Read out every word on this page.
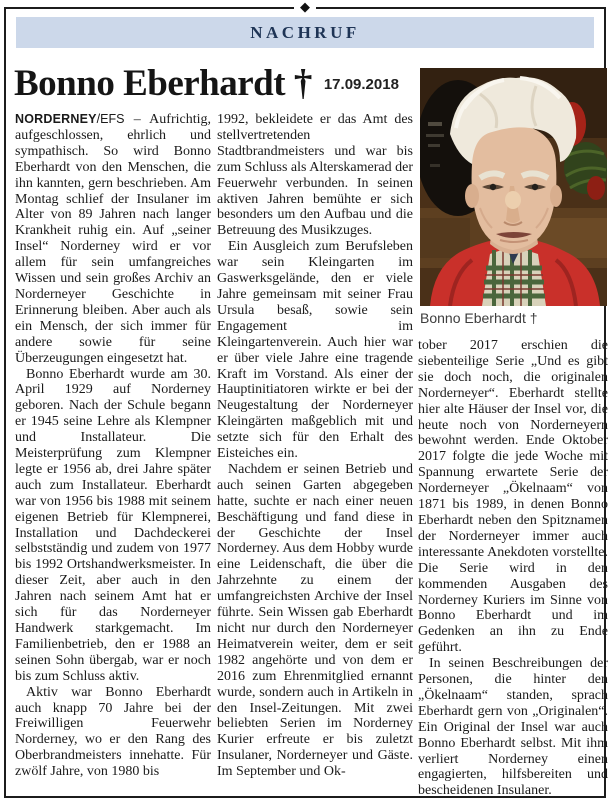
◆
NACHRUF
Bonno Eberhardt † 17.09.2018
Bonno Eberhardt †

NORDERNEY/EFS – Aufrichtig, aufgeschlossen, ehrlich und sympathisch. So wird Bonno Eberhardt von den Menschen, die ihn kannten, gern beschrieben. Am Montag schlief der Insulaner im Alter von 89 Jahren nach langer Krankheit ruhig ein. Auf „seiner Insel“ Norderney wird er vor allem für sein umfangreiches Wissen und sein großes Archiv an Norderneyer Geschichte in Erinnerung bleiben. Aber auch als ein Mensch, der sich immer für andere sowie für seine Überzeugungen eingesetzt hat.

Bonno Eberhardt wurde am 30. April 1929 auf Norderney geboren. Nach der Schule begann er 1945 seine Lehre als Klempner und Installateur. Die Meisterprüfung zum Klempner legte er 1956 ab, drei Jahre später auch zum Installateur. Eberhardt war von 1956 bis 1988 mit seinem eigenen Betrieb für Klempnerei, Installation und Dachdeckerei selbstständig und zudem von 1977 bis 1992 Ortshandwerksmeister. In dieser Zeit, aber auch in den Jahren nach seinem Amt hat er sich für das Norderneyer Handwerk starkgemacht. Im Familienbetrieb, den er 1988 an seinen Sohn übergab, war er noch bis zum Schluss aktiv.

Aktiv war Bonno Eberhardt auch knapp 70 Jahre bei der Freiwilligen Feuerwehr Norderney, wo er den Rang des Oberbrandmeisters innehatte. Für zwölf Jahre, von 1980 bis

1992, bekleidete er das Amt des stellvertretenden Stadtbrandmeisters und war bis zum Schluss als Alterskamerad der Feuerwehr verbunden. In seinen aktiven Jahren bemühte er sich besonders um den Aufbau und die Betreuung des Musikzuges.

Ein Ausgleich zum Berufsleben war sein Kleingarten im Gaswerksgelände, den er viele Jahre gemeinsam mit seiner Frau Ursula besaß, sowie sein Engagement im Kleingartenverein. Auch hier war er über viele Jahre eine tragende Kraft im Vorstand. Als einer der Hauptinitiatoren wirkte er bei der Neugestaltung der Norderneyer Kleingärten maßgeblich mit und setzte sich für den Erhalt des Eisteiches ein.

Nachdem er seinen Betrieb und auch seinen Garten abgegeben hatte, suchte er nach einer neuen Beschäftigung und fand diese in der Geschichte der Insel Norderney. Aus dem Hobby wurde eine Leidenschaft, die über die Jahrzehnte zu einem der umfangreichsten Archive der Insel führte. Sein Wissen gab Eberhardt nicht nur durch den Norderneyer Heimatverein weiter, dem er seit 1982 angehörte und von dem er 2016 zum Ehrenmitglied ernannt wurde, sondern auch in Artikeln in den Insel-Zeitungen. Mit zwei beliebten Serien im Norderney Kurier erfreute er bis zuletzt Insulaner, Norderneyer und Gäste. Im September und Ok-

tober 2017 erschien die siebenteilige Serie „Und es gibt sie doch noch, die originalen Norderneyer“. Eberhardt stellte hier alte Häuser der Insel vor, die heute noch von Norderneyern bewohnt werden. Ende Oktober 2017 folgte die jede Woche mit Spannung erwartete Serie der Norderneyer „Ökelnaam“ von 1871 bis 1989, in denen Bonno Eberhardt neben den Spitznamen der Norderneyer immer auch interessante Anekdoten vorstellte. Die Serie wird in den kommenden Ausgaben des Norderney Kuriers im Sinne von Bonno Eberhardt und im Gedenken an ihn zu Ende geführt.

In seinen Beschreibungen der Personen, die hinter den „Ökelnaam“ standen, sprach Eberhardt gern von „Originalen“. Ein Original der Insel war auch Bonno Eberhardt selbst. Mit ihm verliert Norderney einen engagierten, hilfsbereiten und bescheidenen Insulaner.
